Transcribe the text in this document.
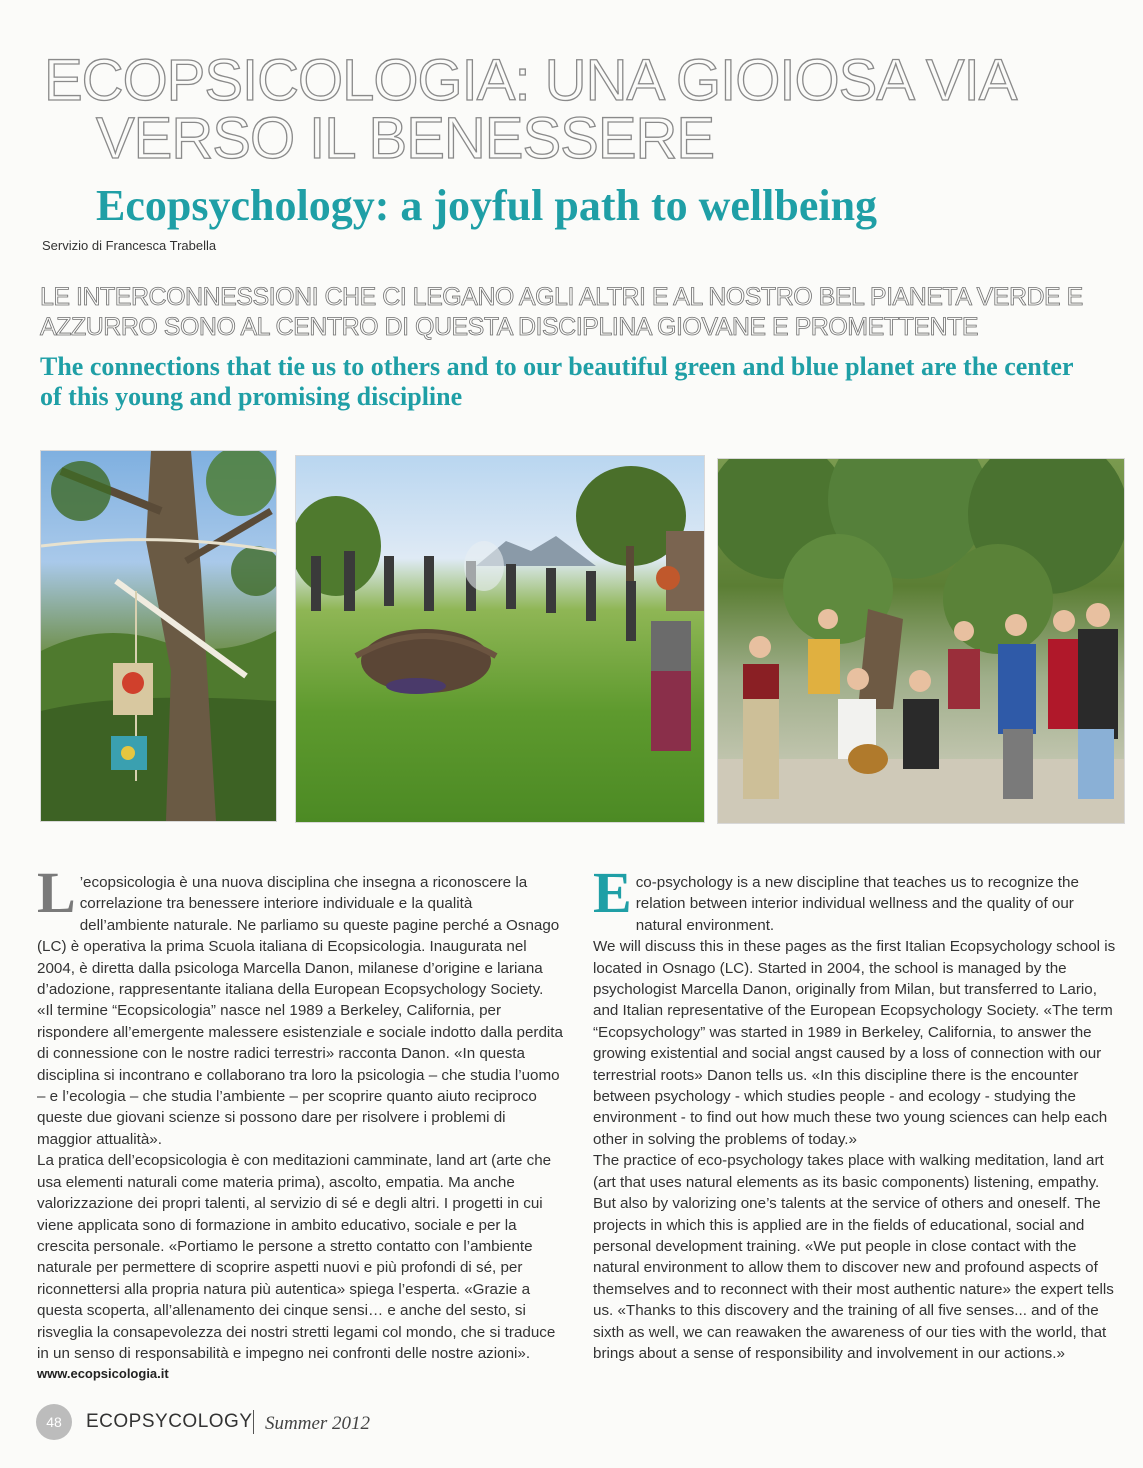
ECOPSICOLOGIA: UNA GIOIOSA VIA
VERSO IL BENESSERE
Ecopsychology: a joyful path to wellbeing
Servizio di Francesca Trabella
LE INTERCONNESSIONI CHE CI LEGANO AGLI ALTRI E AL NOSTRO BEL PIANETA VERDE E AZZURRO SONO AL CENTRO DI QUESTA DISCIPLINA GIOVANE E PROMETTENTE
The connections that tie us to others and to our beautiful green and blue planet are the center of this young and promising discipline

L ’ecopsicologia è una nuova disciplina che insegna a riconoscere la correlazione tra benessere interiore individuale e la qualità dell’ambiente naturale. Ne parliamo su queste pagine perché a Osnago (LC) è operativa la prima Scuola italiana di Ecopsicologia. Inaugurata nel 2004, è diretta dalla psicologa Marcella Danon, milanese d’origine e lariana d’adozione, rappresentante italiana della European Ecopsychology Society.

«Il termine “Ecopsicologia” nasce nel 1989 a Berkeley, California, per rispondere all’emergente malessere esistenziale e sociale indotto dalla perdita di connessione con le nostre radici terrestri» racconta Danon. «In questa disciplina si incontrano e collaborano tra loro la psicologia – che studia l’uomo – e l’ecologia – che studia l’ambiente – per scoprire quanto aiuto reciproco queste due giovani scienze si possono dare per risolvere i problemi di maggior attualità».

La pratica dell’ecopsicologia è con meditazioni camminate, land art (arte che usa elementi naturali come materia prima), ascolto, empatia. Ma anche valorizzazione dei propri talenti, al servizio di sé e degli altri. I progetti in cui viene applicata sono di formazione in ambito educativo, sociale e per la crescita personale. «Portiamo le persone a stretto contatto con l’ambiente naturale per permettere di scoprire aspetti nuovi e più profondi di sé, per riconnettersi alla propria natura più autentica» spiega l’esperta. «Grazie a questa scoperta, all’allenamento dei cinque sensi… e anche del sesto, si risveglia la consapevolezza dei nostri stretti legami col mondo, che si traduce in un senso di responsabilità e impegno nei confronti delle nostre azioni».

Eco-psychology is a new discipline that teaches us to recognize the relation between interior individual wellness and the quality of our natural environment.

We will discuss this in these pages as the first Italian Ecopsychology school is located in Osnago (LC). Started in 2004, the school is managed by the psychologist Marcella Danon, originally from Milan, but transferred to Lario, and Italian representative of the European Ecopsychology Society. «The term “Ecopsychology” was started in 1989 in Berkeley, California, to answer the growing existential and social angst caused by a loss of connection with our terrestrial roots» Danon tells us. «In this discipline there is the encounter between psychology - which studies people - and ecology - studying the environment - to find out how much these two young sciences can help each other in solving the problems of today.»

The practice of eco-psychology takes place with walking meditation, land art (art that uses natural elements as its basic components) listening, empathy. But also by valorizing one’s talents at the service of others and oneself. The projects in which this is applied are in the fields of educational, social and personal development training. «We put people in close contact with the natural environment to allow them to discover new and profound aspects of themselves and to reconnect with their most authentic nature» the expert tells us. «Thanks to this discovery and the training of all five senses... and of the sixth as well, we can reawaken the awareness of our ties with the world, that brings about a sense of responsibility and involvement in our actions.»

www.ecopsicologia.it
48	ECOPSYCOLOGY Summer 2012
